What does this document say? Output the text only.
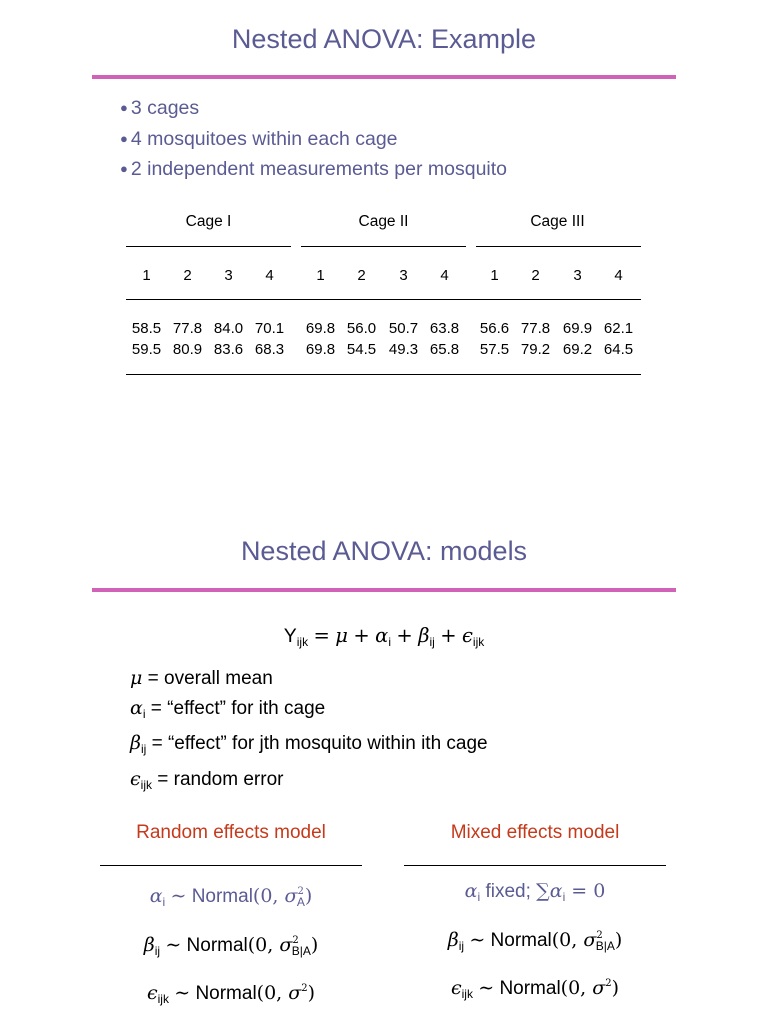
Nested ANOVA: Example
● 3 cages
● 4 mosquitoes within each cage
● 2 independent measurements per mosquito
Cage I	Cage II	Cage III
1	2	3	4	1	2	3	4	1	2	3	4
58.5 77.8 84.0 70.1	69.8 56.0 50.7 63.8	56.6 77.8 69.9 62.1
59.5 80.9 83.6 68.3	69.8 54.5 49.3 65.8	57.5 79.2 69.2 64.5
Nested ANOVA: models
$Y_{ijk} = \mu + \alpha_i + \beta_{ij} + \epsilon_{ijk}$
μ = overall mean
$\alpha_i$ = “effect” for ith cage
$\beta_{ij}$ = “effect” for jth mosquito within ith cage
$\epsilon_{ijk}$ = random error
Random effects model
$\alpha_i$ ∼ Normal(0, $\sigma^2_A$)
$\beta_{ij}$ ∼ Normal(0, $\sigma^2_{B|A}$)
$\epsilon_{ijk}$ ∼ Normal(0, $\sigma^2$)
Mixed effects model
$\alpha_i$ fixed; $\sum\alpha_i = 0$
$\beta_{ij}$ ∼ Normal(0, $\sigma^2_{B|A}$)
$\epsilon_{ijk}$ ∼ Normal(0, $\sigma^2$)
